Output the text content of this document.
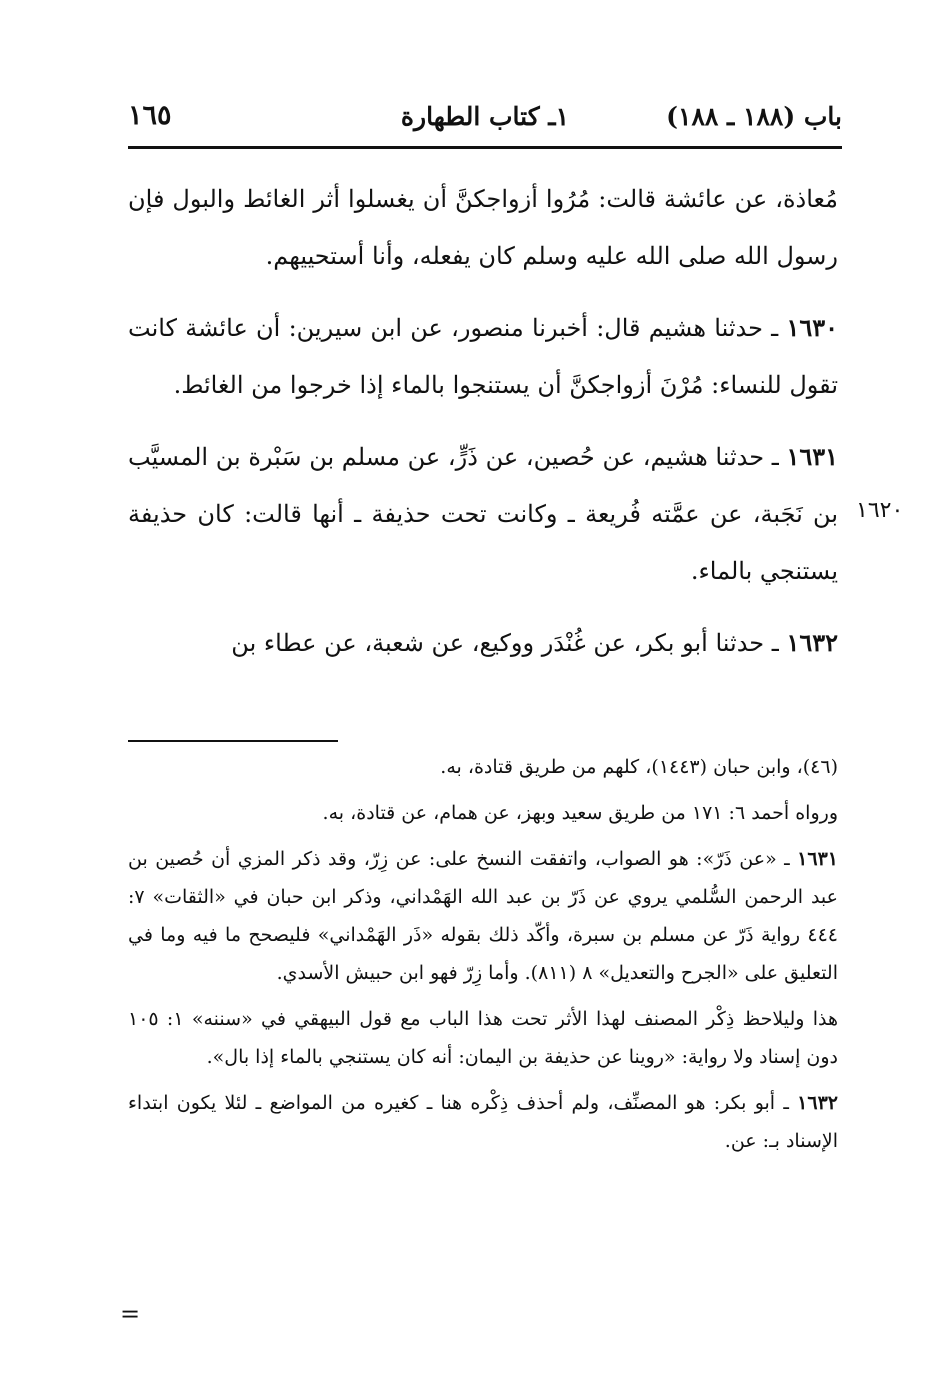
باب (١٨٨ ـ ١٨٨)
١ـ كتاب الطهارة
١٦٥
١٦٢٠

مُعاذة، عن عائشة قالت: مُرُوا أزواجكنَّ أن يغسلوا أثر الغائط والبول فإن رسول الله صلى الله عليه وسلم كان يفعله، وأنا أستحييهم.

١٦٣٠ ـ حدثنا هشيم قال: أخبرنا منصور، عن ابن سيرين: أن عائشة كانت تقول للنساء: مُرْنَ أزواجكنَّ أن يستنجوا بالماء إذا خرجوا من الغائط.

١٦٣١ ـ حدثنا هشيم، عن حُصين، عن ذَرٍّ، عن مسلم بن سَبْرة بن المسيَّب بن نَجَبة، عن عمَّته فُريعة ـ وكانت تحت حذيفة ـ أنها قالت: كان حذيفة يستنجي بالماء.

١٦٣٢ ـ حدثنا أبو بكر، عن غُنْدَر ووكيع، عن شعبة، عن عطاء بن

(٤٦)، وابن حبان (١٤٤٣)، كلهم من طريق قتادة، به.

ورواه أحمد ٦: ١٧١ من طريق سعيد وبهز، عن همام، عن قتادة، به.

١٦٣١ ـ «عن ذَرّ»: هو الصواب، واتفقت النسخ على: عن زِرّ، وقد ذكر المزي أن حُصين بن عبد الرحمن السُّلمي يروي عن ذَرّ بن عبد الله الهَمْداني، وذكر ابن حبان في «الثقات» ٧: ٤٤٤ رواية ذَرّ عن مسلم بن سبرة، وأكّد ذلك بقوله «ذَر الهَمْداني» فليصحح ما فيه وما في التعليق على «الجرح والتعديل» ٨ (٨١١). وأما زِرّ فهو ابن حبيش الأسدي.

هذا وليلاحظ ذِكْر المصنف لهذا الأثر تحت هذا الباب مع قول البيهقي في «سننه» ١: ١٠٥ دون إسناد ولا رواية: «روينا عن حذيفة بن اليمان: أنه كان يستنجي بالماء إذا بال».

١٦٣٢ ـ أبو بكر: هو المصنِّف، ولم أحذف ذِكْره هنا ـ كغيره من المواضع ـ لئلا يكون ابتداء الإسناد بـ: عن.

=
